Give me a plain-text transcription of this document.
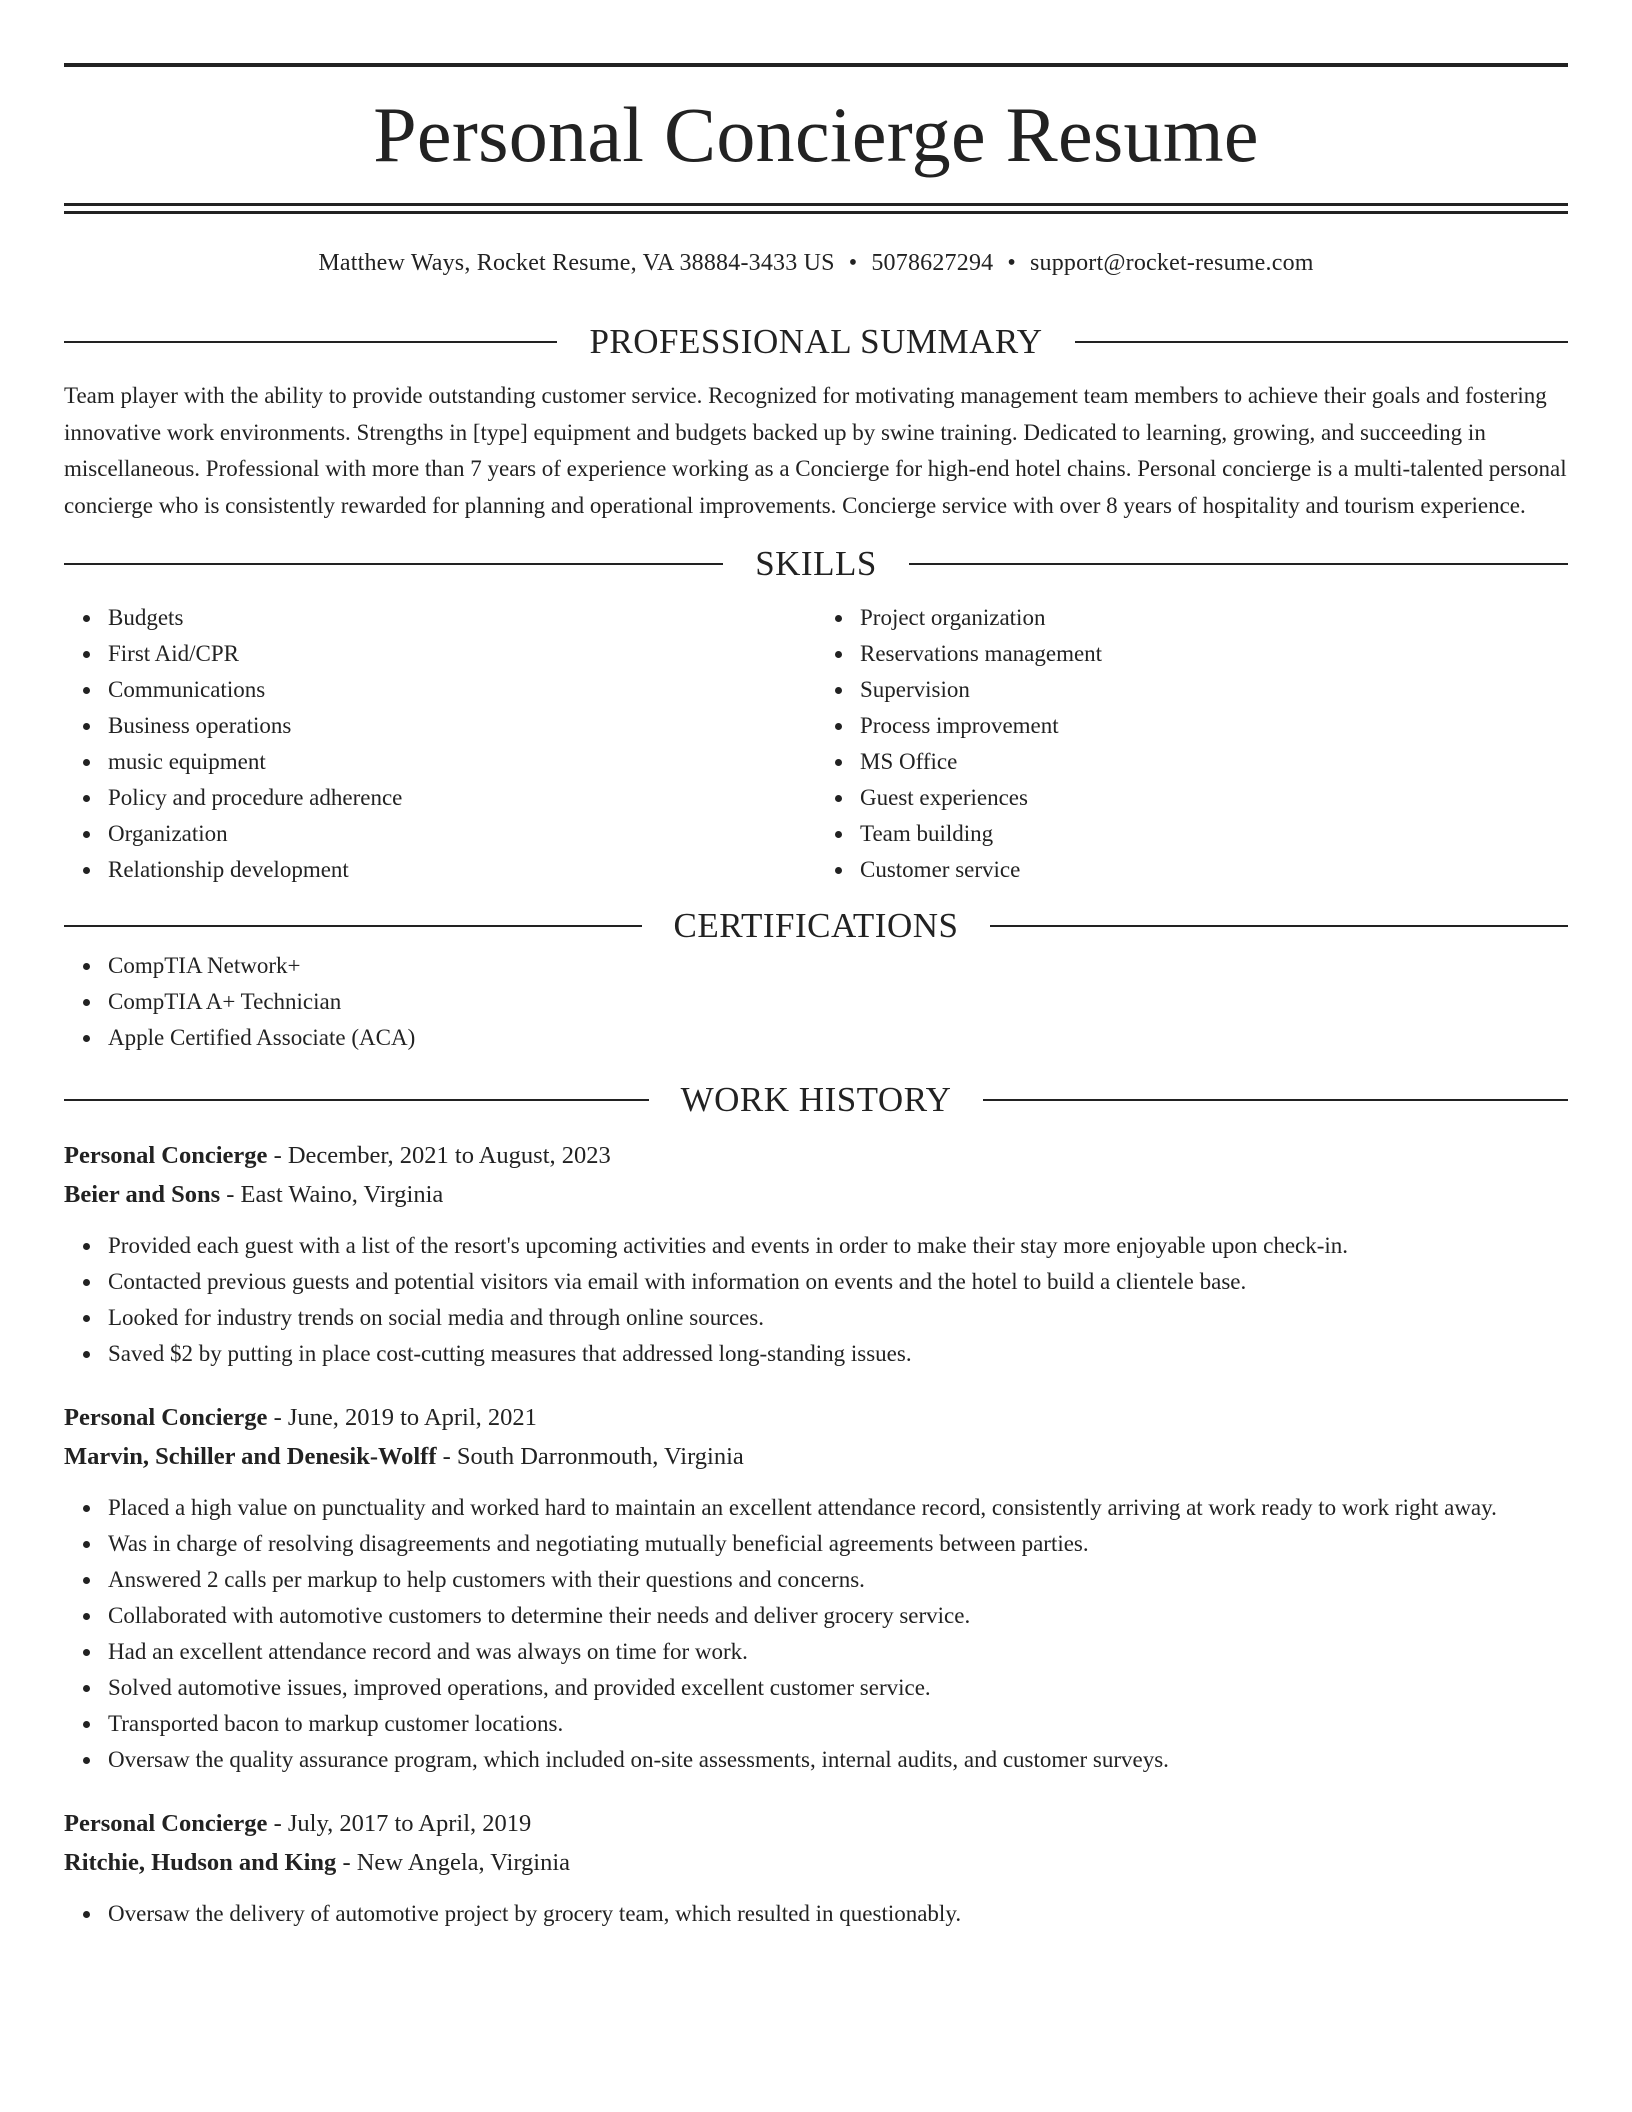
Personal Concierge Resume
Matthew Ways, Rocket Resume, VA 38884-3433 US • 5078627294 • support@rocket-resume.com
PROFESSIONAL SUMMARY

Team player with the ability to provide outstanding customer service. Recognized for motivating management team members to achieve their goals and fostering innovative work environments. Strengths in [type] equipment and budgets backed up by swine training. Dedicated to learning, growing, and succeeding in miscellaneous. Professional with more than 7 years of experience working as a Concierge for high-end hotel chains. Personal concierge is a multi-talented personal concierge who is consistently rewarded for planning and operational improvements. Concierge service with over 8 years of hospitality and tourism experience.

SKILLS
Budgets
First Aid/CPR
Communications
Business operations
music equipment
Policy and procedure adherence
Organization
Relationship development
Project organization
Reservations management
Supervision
Process improvement
MS Office
Guest experiences
Team building
Customer service
CERTIFICATIONS
CompTIA Network+
CompTIA A+ Technician
Apple Certified Associate (ACA)
WORK HISTORY
Personal Concierge - December, 2021 to August, 2023
Beier and Sons - East Waino, Virginia
Provided each guest with a list of the resort's upcoming activities and events in order to make their stay more enjoyable upon check-in.
Contacted previous guests and potential visitors via email with information on events and the hotel to build a clientele base.
Looked for industry trends on social media and through online sources.
Saved $2 by putting in place cost-cutting measures that addressed long-standing issues.
Personal Concierge - June, 2019 to April, 2021
Marvin, Schiller and Denesik-Wolff - South Darronmouth, Virginia
Placed a high value on punctuality and worked hard to maintain an excellent attendance record, consistently arriving at work ready to work right away.
Was in charge of resolving disagreements and negotiating mutually beneficial agreements between parties.
Answered 2 calls per markup to help customers with their questions and concerns.
Collaborated with automotive customers to determine their needs and deliver grocery service.
Had an excellent attendance record and was always on time for work.
Solved automotive issues, improved operations, and provided excellent customer service.
Transported bacon to markup customer locations.
Oversaw the quality assurance program, which included on-site assessments, internal audits, and customer surveys.
Personal Concierge - July, 2017 to April, 2019
Ritchie, Hudson and King - New Angela, Virginia
Oversaw the delivery of automotive project by grocery team, which resulted in questionably.
